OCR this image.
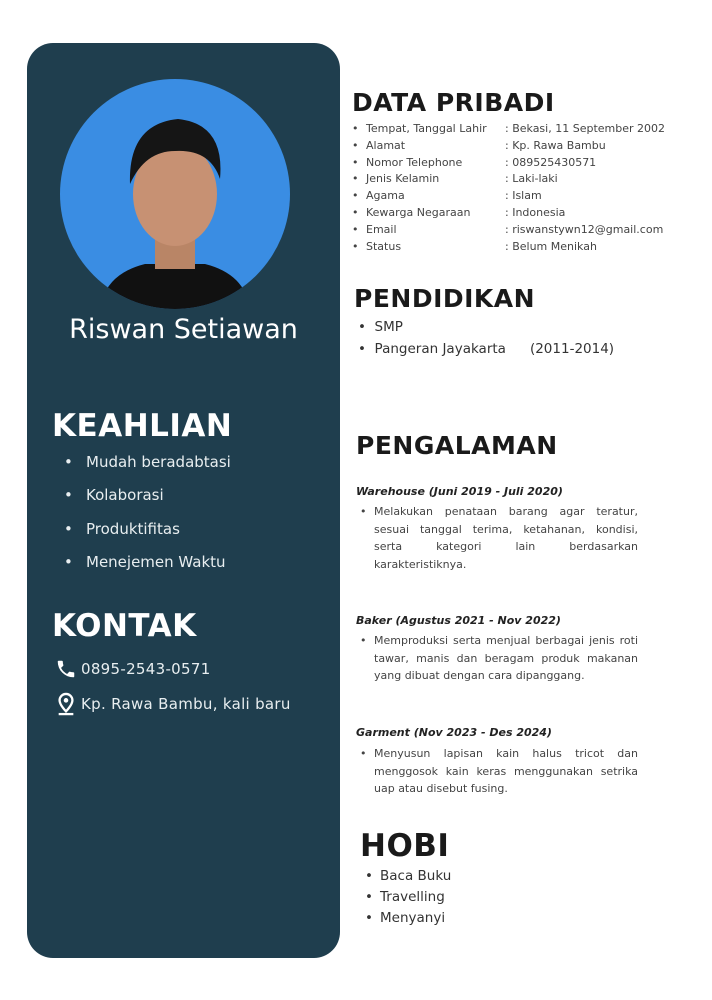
Riswan Setiawan
KEAHLIAN
• Mudah beradabtasi
• Kolaborasi
• Produktifitas
• Menejemen Waktu
KONTAK
0895-2543-0571
Kp. Rawa Bambu, kali baru
DATA PRIBADI
• Tempat, Tanggal Lahir	: Bekasi, 11 September 2002
• Alamat	: Kp. Rawa Bambu
• Nomor Telephone	: 089525430571
• Jenis Kelamin	: Laki-laki
• Agama	: Islam
• Kewarga Negaraan	: Indonesia
• Email	: riswanstywn12@gmail.com
• Status	: Belum Menikah
PENDIDIKAN
•  SMP
•  Pangeran Jayakarta (2011-2014)
PENGALAMAN
Warehouse (Juni 2019 - Juli 2020)
• Melakukan penataan barang agar teratur, sesuai tanggal terima, ketahanan, kondisi, serta kategori lain berdasarkan karakteristiknya.
Baker (Agustus 2021 - Nov 2022)
• Memproduksi serta menjual berbagai jenis roti tawar, manis dan beragam produk makanan yang dibuat dengan cara dipanggang.
Garment (Nov 2023 - Des 2024)
• Menyusun lapisan kain halus tricot dan menggosok kain keras menggunakan setrika uap atau disebut fusing.
HOBI
• Baca Buku
• Travelling
• Menyanyi
